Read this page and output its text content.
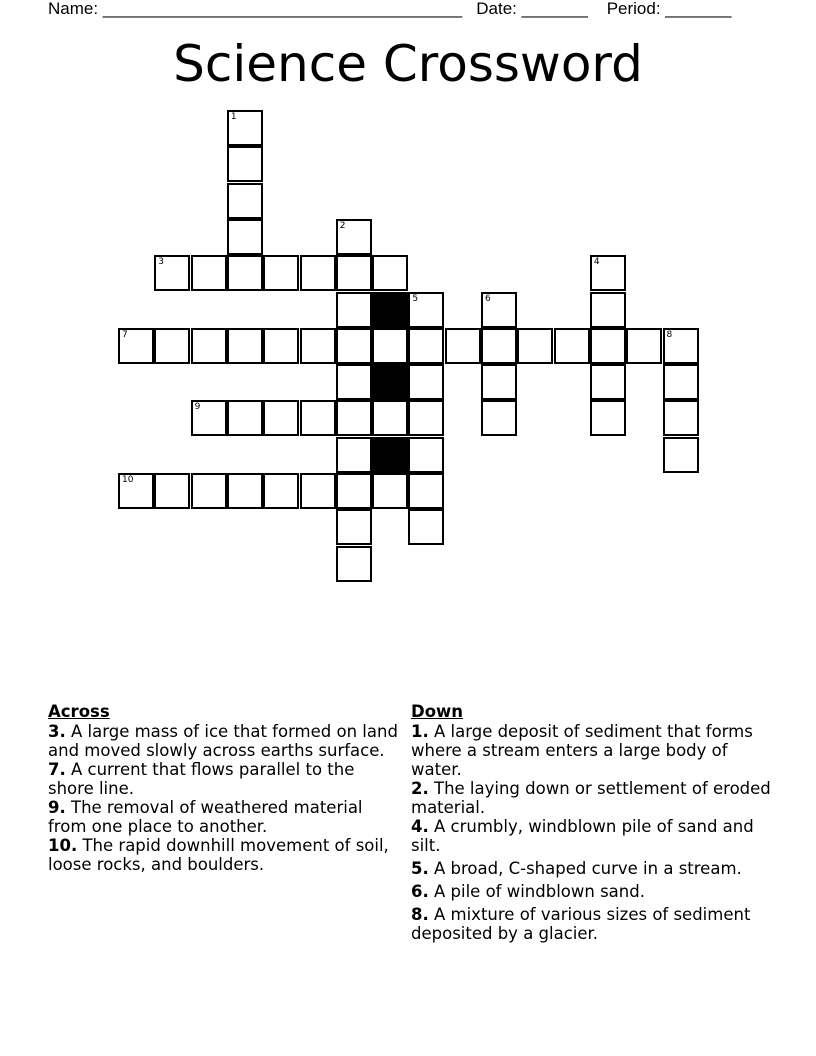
Name: ______________________________________ Date: _______ Period: _______
Science Crossword
1
2
3	4
5	6
7	8
9
10
Across
3. A large mass of ice that formed on land and moved slowly across earths surface.
7. A current that flows parallel to the shore line.
9. The removal of weathered material from one place to another.
10. The rapid downhill movement of soil, loose rocks, and boulders.
Down
1. A large deposit of sediment that forms where a stream enters a large body of water.
2. The laying down or settlement of eroded material.
4. A crumbly, windblown pile of sand and silt.
5. A broad, C-shaped curve in a stream.
6. A pile of windblown sand.
8. A mixture of various sizes of sediment deposited by a glacier.
